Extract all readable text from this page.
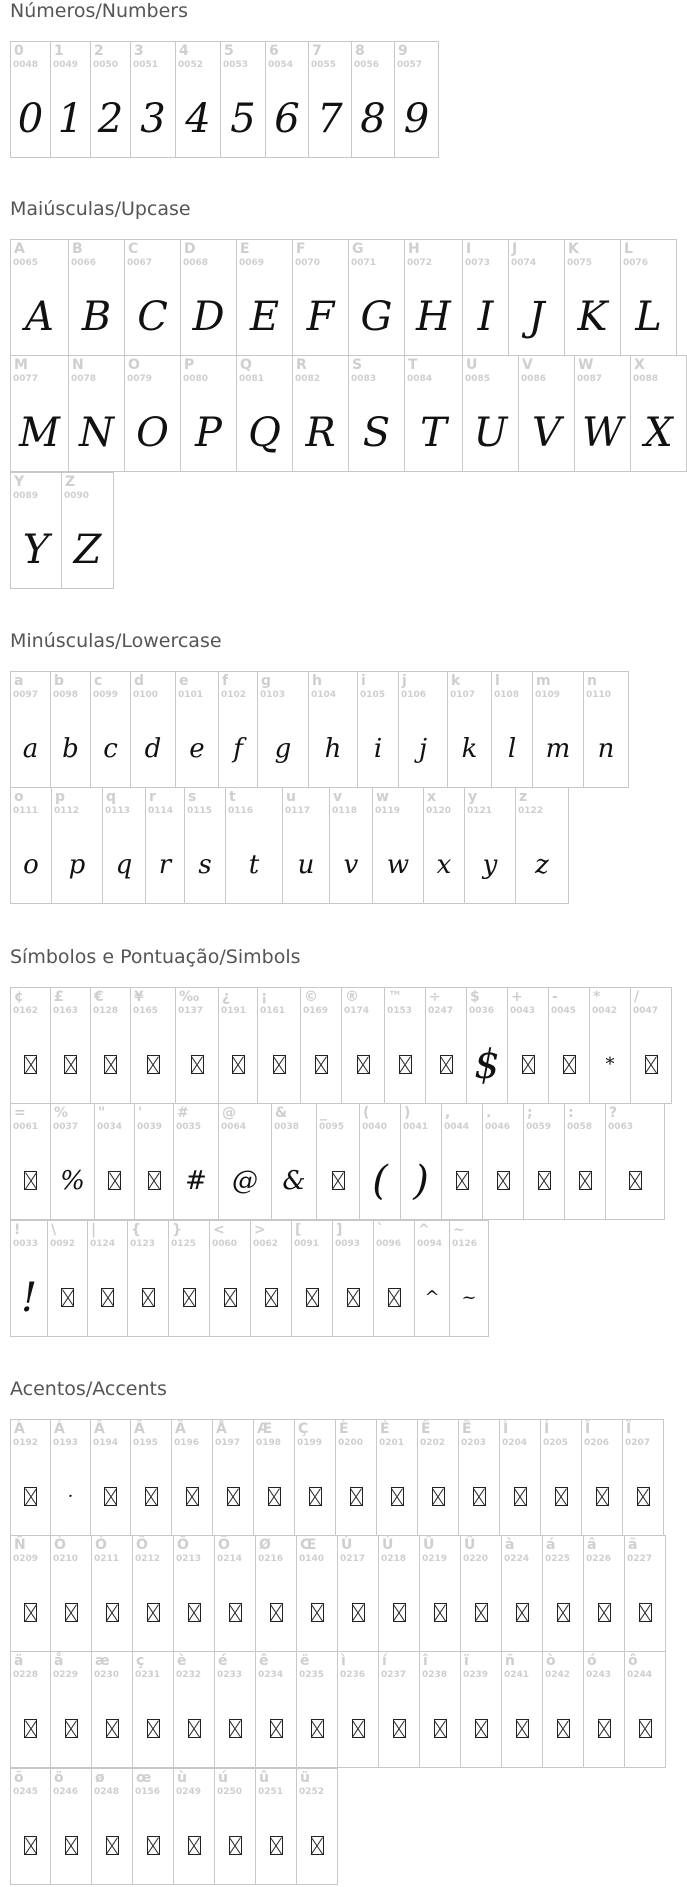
Números/Numbers
0
0048
0
1
0049
1
2
0050
2
3
0051
3
4
0052
4
5
0053
5
6
0054
6
7
0055
7
8
0056
8
9
0057
9
Maiúsculas/Upcase
A
0065
A
B
0066
B
C
0067
C
D
0068
D
E
0069
E
F
0070
F
G
0071
G
H
0072
H
I
0073
I
J
0074
J
K
0075
K
L
0076
L
M
0077
M
N
0078
N
O
0079
O
P
0080
P
Q
0081
Q
R
0082
R
S
0083
S
T
0084
T
U
0085
U
V
0086
V
W
0087
W
X
0088
X
Y
0089
Y
Z
0090
Z
Minúsculas/Lowercase
a
0097
a
b
0098
b
c
0099
c
d
0100
d
e
0101
e
f
0102
f
g
0103
g
h
0104
h
i
0105
i
j
0106
j
k
0107
k
l
0108
l
m
0109
m
n
0110
n
o
0111
o
p
0112
p
q
0113
q
r
0114
r
s
0115
s
t
0116
t
u
0117
u
v
0118
v
w
0119
w
x
0120
x
y
0121
y
z
0122
z
Símbolos e Pontuação/Simbols
¢
0162
£
0163
€
0128
¥
0165
‰
0137
¿
0191
¡
0161
©
0169
®
0174
™
0153
÷
0247
$
0036
$
+
0043
-
0045
*
0042
*
/
0047
=
0061
%
0037
%
"
0034
'
0039
#
0035
#
@
0064
@
&
0038
&
_
0095
(
0040
(
)
0041
)
,
0044
.
0046
;
0059
:
0058
?
0063
!
0033
!
\
0092
|
0124
{
0123
}
0125
<
0060
>
0062
[
0091
]
0093
`
0096
^
0094
^
~
0126
~
Acentos/Accents
À
0192
Á
0193
·
Â
0194
Ã
0195
Ä
0196
Å
0197
Æ
0198
Ç
0199
È
0200
É
0201
Ê
0202
Ë
0203
Ì
0204
Í
0205
Î
0206
Ï
0207
Ñ
0209
Ò
0210
Ó
0211
Ô
0212
Õ
0213
Ö
0214
Ø
0216
Œ
0140
Ù
0217
Ú
0218
Û
0219
Ü
0220
à
0224
á
0225
â
0226
ã
0227
ä
0228
å
0229
æ
0230
ç
0231
è
0232
é
0233
ê
0234
ë
0235
ì
0236
í
0237
î
0238
ï
0239
ñ
0241
ò
0242
ó
0243
ô
0244
õ
0245
ö
0246
ø
0248
œ
0156
ù
0249
ú
0250
û
0251
ü
0252
